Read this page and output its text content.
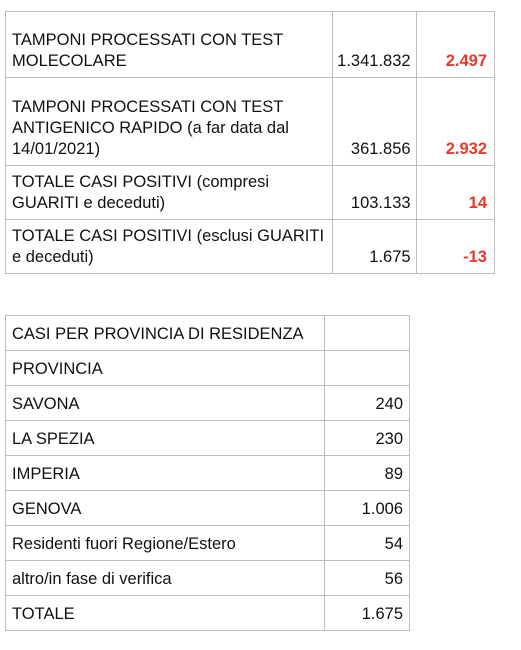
TAMPONI PROCESSATI CON TEST MOLECOLARE	1.341.832	2.497
TAMPONI PROCESSATI CON TEST ANTIGENICO RAPIDO (a far data dal 14/01/2021)	361.856	2.932
TOTALE CASI POSITIVI (compresi GUARITI e deceduti)	103.133	14
TOTALE CASI POSITIVI (esclusi GUARITI e deceduti)	1.675	-13
CASI PER PROVINCIA DI RESIDENZA	
PROVINCIA	
SAVONA	240
LA SPEZIA	230
IMPERIA	89
GENOVA	1.006
Residenti fuori Regione/Estero	54
altro/in fase di verifica	56
TOTALE	1.675
